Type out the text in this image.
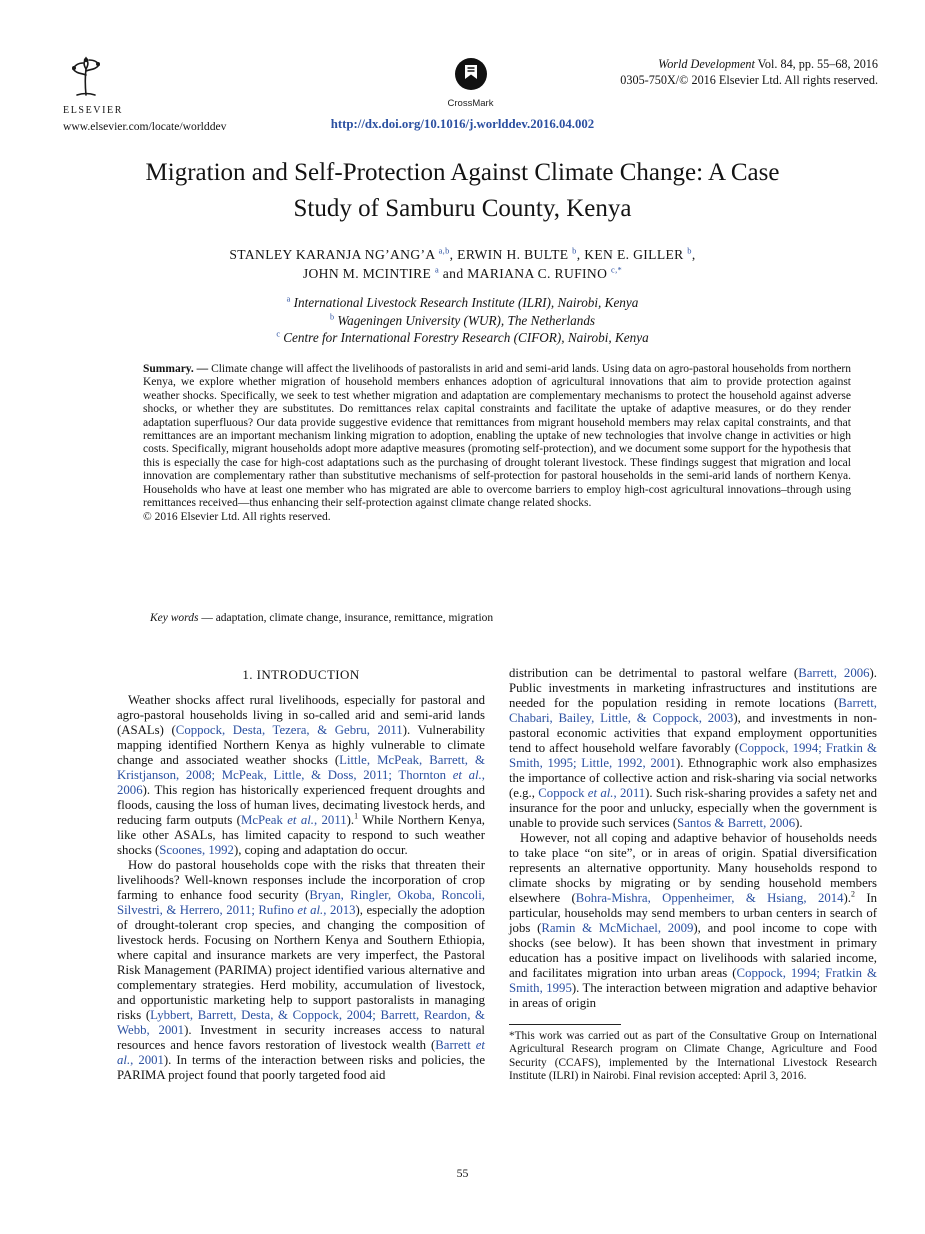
ELSEVIER
www.elsevier.com/locate/worlddev
CrossMark
World Development Vol. 84, pp. 55–68, 2016
0305-750X/© 2016 Elsevier Ltd. All rights reserved.
http://dx.doi.org/10.1016/j.worlddev.2016.04.002
Migration and Self-Protection Against Climate Change: A Case
Study of Samburu County, Kenya
STANLEY KARANJA NG’ANG’A $^{a,b}$, ERWIN H. BULTE $^b$, KEN E. GILLER $^b$,
JOHN M. MCINTIRE $^a$ and MARIANA C. RUFINO $^{c,*}$
$^a$ International Livestock Research Institute (ILRI), Nairobi, Kenya
$^b$ Wageningen University (WUR), The Netherlands
$^c$ Centre for International Forestry Research (CIFOR), Nairobi, Kenya

Summary. — Climate change will affect the livelihoods of pastoralists in arid and semi-arid lands. Using data on agro-pastoral households from northern Kenya, we explore whether migration of household members enhances adoption of agricultural innovations that aim to provide protection against weather shocks. Specifically, we seek to test whether migration and adaptation are complementary mechanisms to protect the household against adverse shocks, or whether they are substitutes. Do remittances relax capital constraints and facilitate the uptake of adaptive measures, or do they render adaptation superfluous? Our data provide suggestive evidence that remittances from migrant household members may relax capital constraints, and that remittances are an important mechanism linking migration to adoption, enabling the uptake of new technologies that involve change in activities or high costs. Specifically, migrant households adopt more adaptive measures (promoting self-protection), and we document some support for the hypothesis that this is especially the case for high-cost adaptations such as the purchasing of drought tolerant livestock. These findings suggest that migration and local innovation are complementary rather than substitutive mechanisms of self-protection for pastoral households in the semi-arid lands of northern Kenya. Households who have at least one member who has migrated are able to overcome barriers to employ high-cost agricultural innovations–through using remittances received—thus enhancing their self-protection against climate change related shocks.

© 2016 Elsevier Ltd. All rights reserved.
Key words — adaptation, climate change, insurance, remittance, migration
1. INTRODUCTION

Weather shocks affect rural livelihoods, especially for pastoral and agro-pastoral households living in so-called arid and semi-arid lands (ASALs) (Coppock, Desta, Tezera, & Gebru, 2011). Vulnerability mapping identified Northern Kenya as highly vulnerable to climate change and associated weather shocks (Little, McPeak, Barrett, & Kristjanson, 2008; McPeak, Little, & Doss, 2011; Thornton et al., 2006). This region has historically experienced frequent droughts and floods, causing the loss of human lives, decimating livestock herds, and reducing farm outputs (McPeak et al., 2011).$^1$ While Northern Kenya, like other ASALs, has limited capacity to respond to such weather shocks (Scoones, 1992), coping and adaptation do occur.

How do pastoral households cope with the risks that threaten their livelihoods? Well-known responses include the incorporation of crop farming to enhance food security (Bryan, Ringler, Okoba, Roncoli, Silvestri, & Herrero, 2011; Rufino et al., 2013), especially the adoption of drought-tolerant crop species, and changing the composition of livestock herds. Focusing on Northern Kenya and Southern Ethiopia, where capital and insurance markets are very imperfect, the Pastoral Risk Management (PARIMA) project identified various alternative and complementary strategies. Herd mobility, accumulation of livestock, and opportunistic marketing help to support pastoralists in managing risks (Lybbert, Barrett, Desta, & Coppock, 2004; Barrett, Reardon, & Webb, 2001). Investment in security increases access to natural resources and hence favors restoration of livestock wealth (Barrett et al., 2001). In terms of the interaction between risks and policies, the PARIMA project found that poorly targeted food aid

distribution can be detrimental to pastoral welfare (Barrett, 2006). Public investments in marketing infrastructures and institutions are needed for the population residing in remote locations (Barrett, Chabari, Bailey, Little, & Coppock, 2003), and investments in non-pastoral economic activities that expand employment opportunities tend to affect household welfare favorably (Coppock, 1994; Fratkin & Smith, 1995; Little, 1992, 2001). Ethnographic work also emphasizes the importance of collective action and risk-sharing via social networks (e.g., Coppock et al., 2011). Such risk-sharing provides a safety net and insurance for the poor and unlucky, especially when the government is unable to provide such services (Santos & Barrett, 2006).

However, not all coping and adaptive behavior of households needs to take place “on site”, or in areas of origin. Spatial diversification represents an alternative opportunity. Many households respond to climate shocks by migrating or by sending household members elsewhere (Bohra-Mishra, Oppenheimer, & Hsiang, 2014).$^2$ In particular, households may send members to urban centers in search of jobs (Ramin & McMichael, 2009), and pool income to cope with shocks (see below). It has been shown that investment in primary education has a positive impact on livelihoods with salaried income, and facilitates migration into urban areas (Coppock, 1994; Fratkin & Smith, 1995). The interaction between migration and adaptive behavior in areas of origin

*This work was carried out as part of the Consultative Group on International Agricultural Research program on Climate Change, Agriculture and Food Security (CCAFS), implemented by the International Livestock Research Institute (ILRI) in Nairobi. Final revision accepted: April 3, 2016.

55
